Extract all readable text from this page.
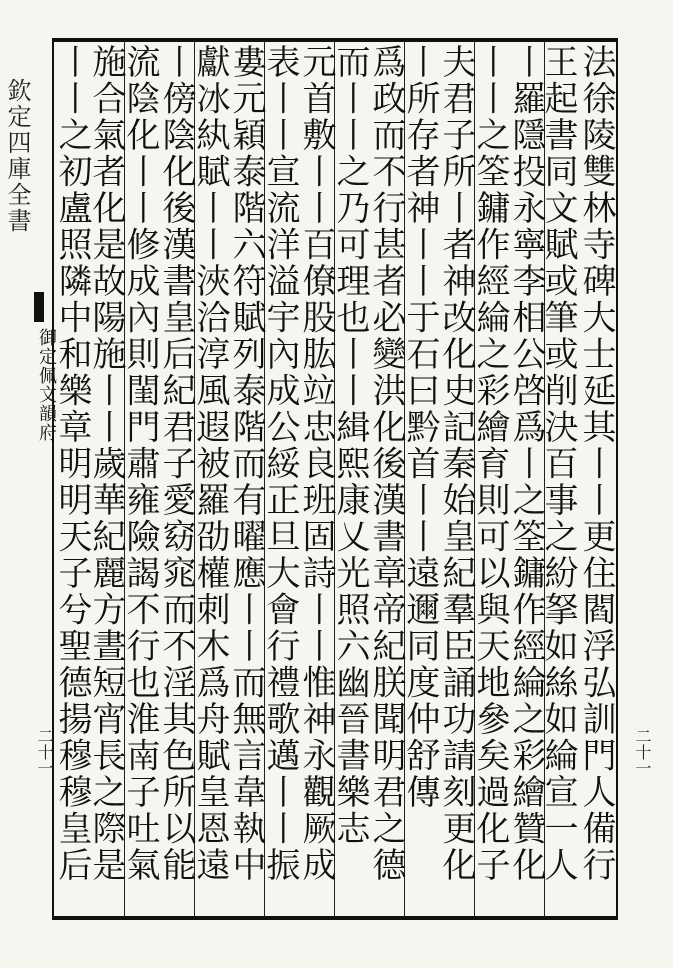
欽定四庫全書
御定佩文韻府
二十一
法徐陵雙林寺碑大士延其丨丨更住閻浮弘訓門人備行
王起書同文賦或筆或削決百事之紛拏如絲如綸宣一人
丨羅隱投永寧李相公啓爲丨之筌鏞作經綸之彩繪贊化
丨丨之筌鏞作經綸之彩繪育則可以與天地參矣過化子
夫君子所丨者神改化史記秦始皇紀羣臣誦功請刻更化
丨所存者神丨丨于石曰黔首丨丨遠邇同度仲舒傳
爲政而不行甚者必變洪化後漢書章帝紀朕聞明君之德
而丨丨之乃可理也丨丨緝熙康乂光照六幽晉書樂志
元首敷丨丨百僚股肱竝忠良班固詩丨丨惟神永觀厥成
表丨丨宣流洋溢宇內成公綏正旦大會行禮歌邁丨丨振
婁元穎泰階六符賦列泰階而有曜應丨丨而無言韋執中
獻冰紈賦丨丨浹洽淳風遐被羅劭權刺木爲舟賦皇恩遠
丨傍陰化後漢書皇后紀君子愛窈窕而不淫其色所以能
流陰化丨丨修成內則閨門肅雍險謁不行也淮南子吐氣
施合氣者化是故陽施丨丨歲華紀麗方晝短宵長之際是
丨丨之初盧照隣中和樂章明明天子兮聖德揚穆穆皇后
二十一
